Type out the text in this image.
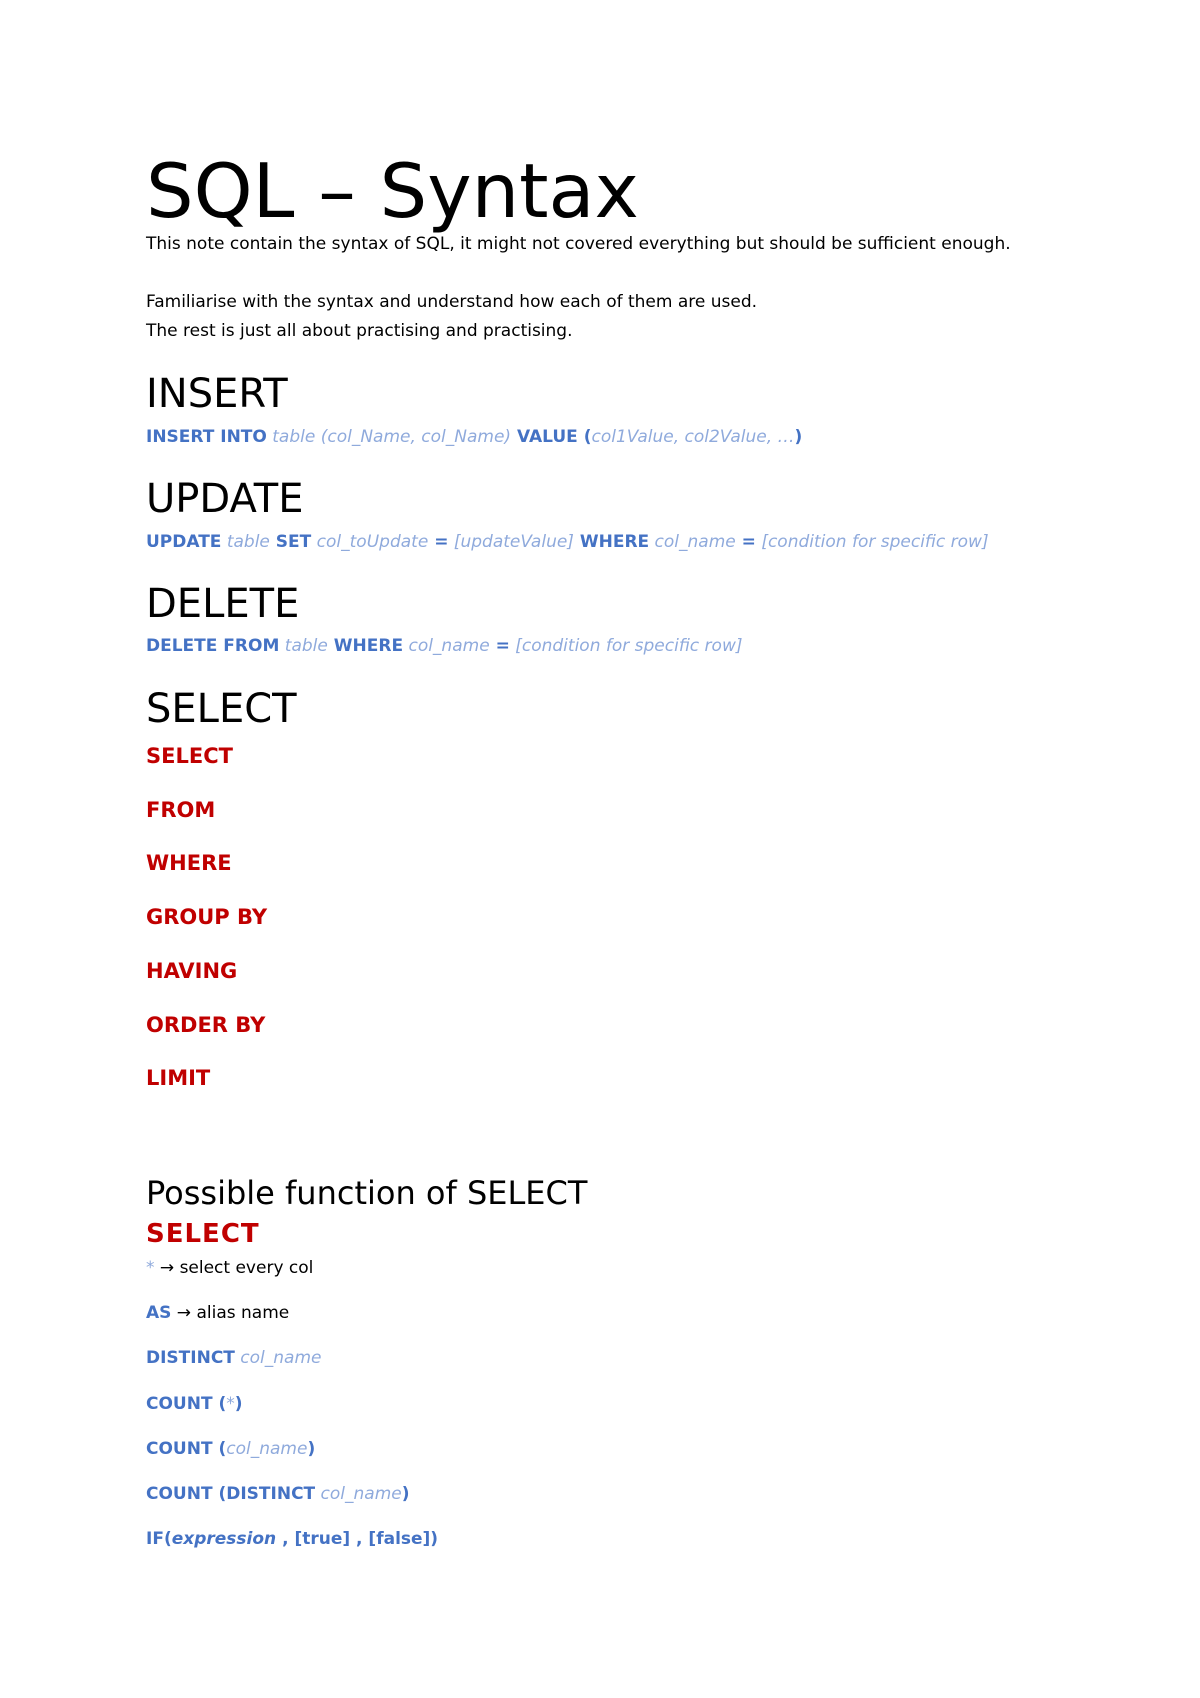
SQL – Syntax

This note contain the syntax of SQL, it might not covered everything but should be sufficient enough.

Familiarise with the syntax and understand how each of them are used.

The rest is just all about practising and practising.

INSERT

INSERT INTO table (col_Name, col_Name) VALUE (col1Value, col2Value, …)

UPDATE

UPDATE table SET col_toUpdate = [updateValue] WHERE col_name = [condition for specific row]

DELETE

DELETE FROM table WHERE col_name = [condition for specific row]

SELECT

SELECT

FROM

WHERE

GROUP BY

HAVING

ORDER BY

LIMIT

Possible function of SELECT

SELECT

* → select every col

AS → alias name

DISTINCT col_name

COUNT (*)

COUNT (col_name)

COUNT (DISTINCT col_name)

IF(expression , [true] , [false])
